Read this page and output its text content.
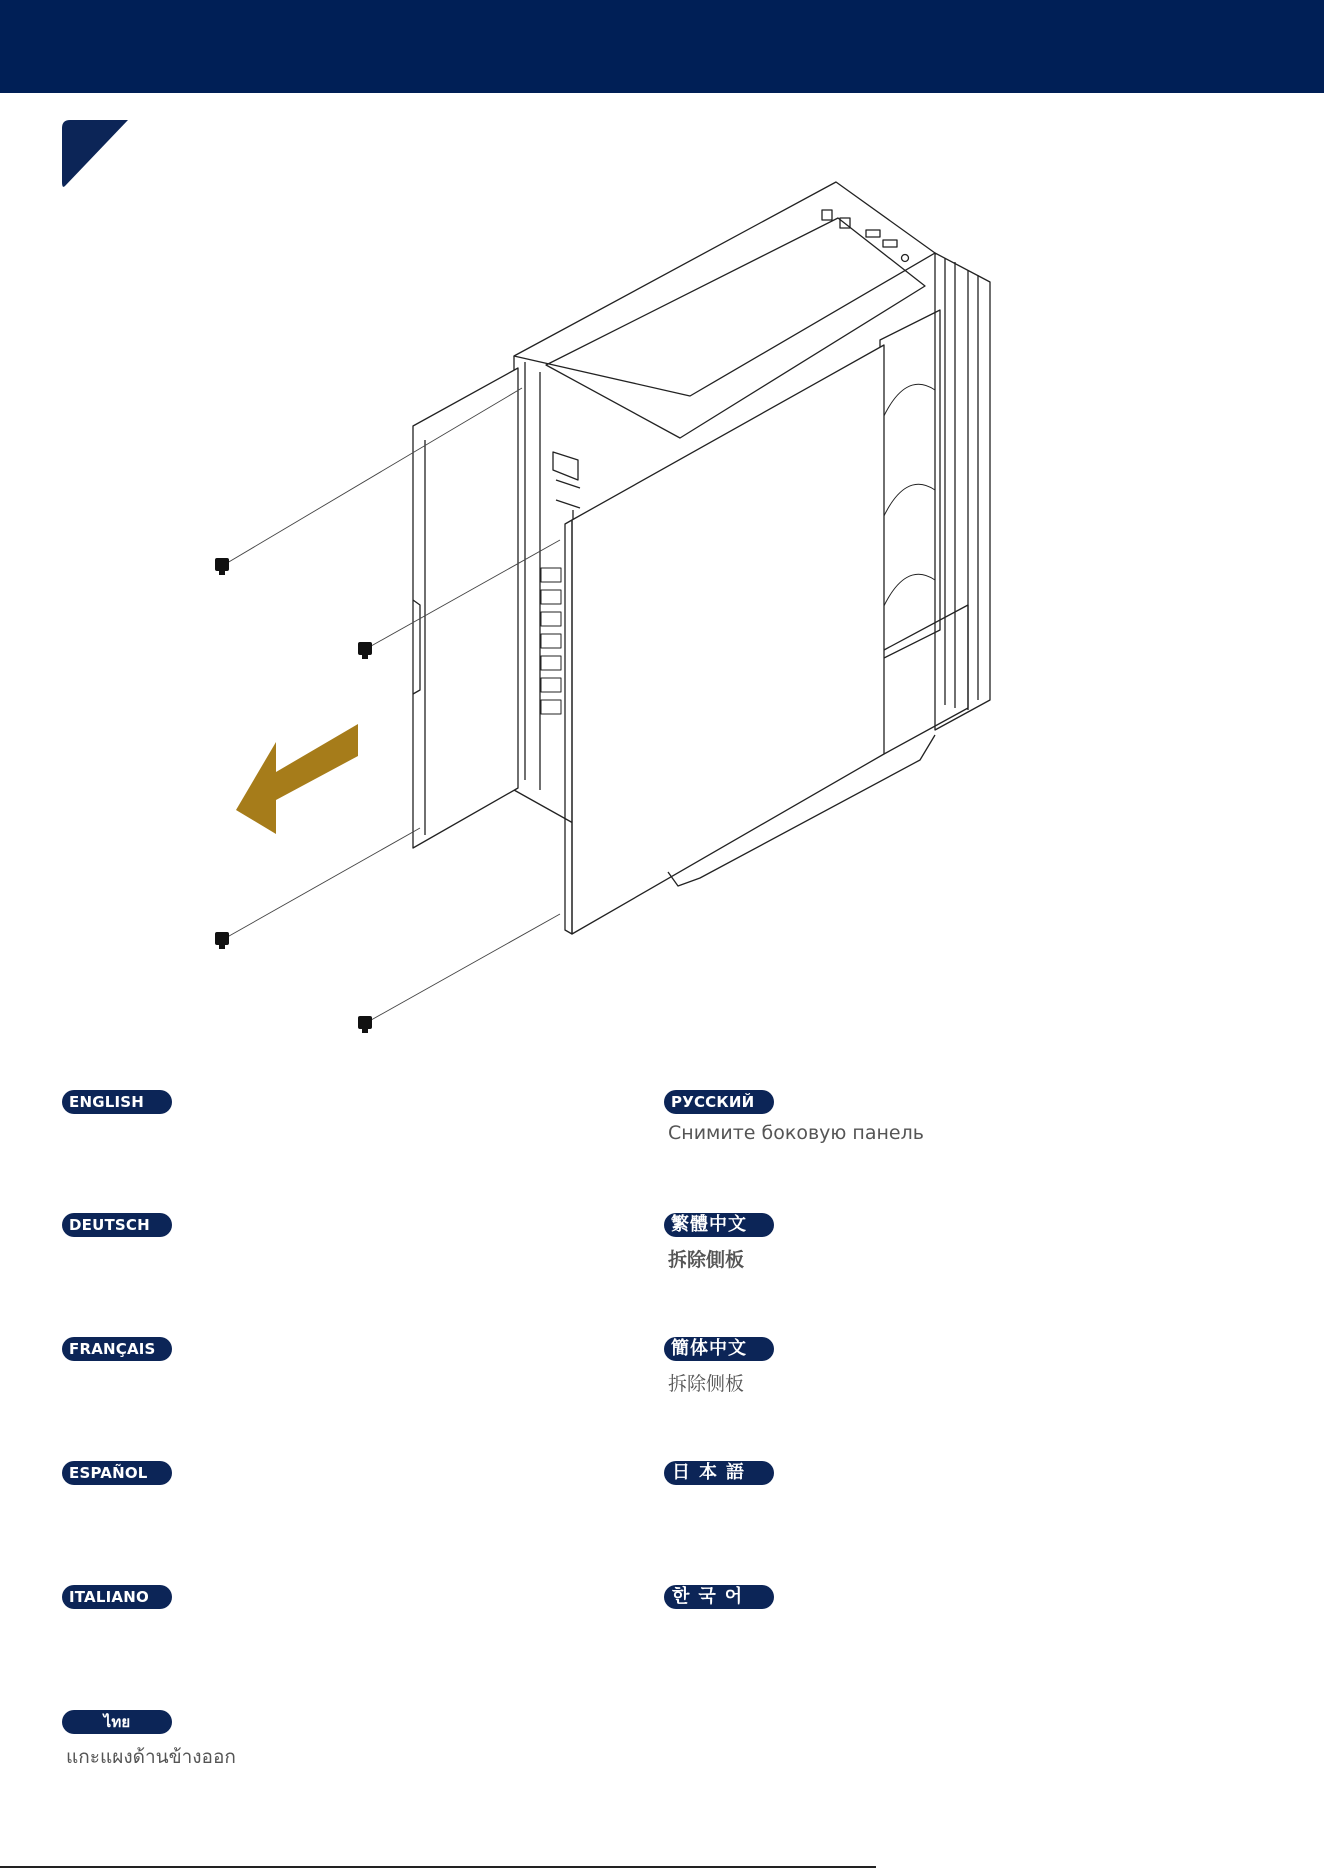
ENGLISH
DEUTSCH
FRANÇAIS
ESPAÑOL
ITALIANO
ไทย
แกะแผงด้านข้างออก
РУССКИЙ
Снимите боковую панель
繁體中文
拆除側板
簡体中文
拆除侧板
日本語
한국어
